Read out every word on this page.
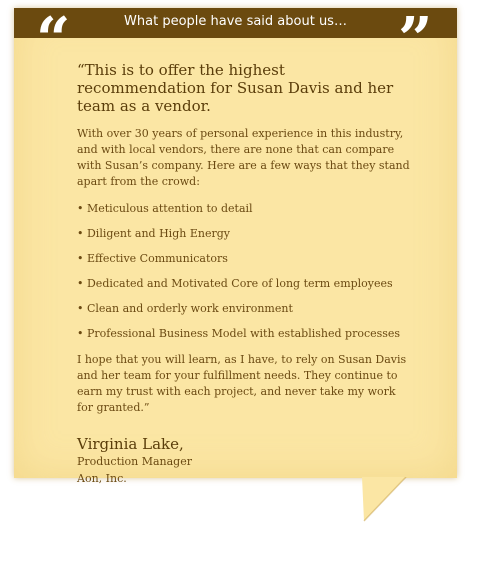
What people have said about us…
“	”

“This is to offer the highest recommendation for Susan Davis and her team as a vendor.

With over 30 years of personal experience in this industry, and with local vendors, there are none that can compare with Susan’s company. Here are a few ways that they stand apart from the crowd:

• Meticulous attention to detail
• Diligent and High Energy
• Effective Communicators
• Dedicated and Motivated Core of long term employees
• Clean and orderly work environment
• Professional Business Model with established processes

I hope that you will learn, as I have, to rely on Susan Davis and her team for your fulfillment needs. They continue to earn my trust with each project, and never take my work for granted.”

Virginia Lake,
Production Manager
Aon, Inc.
